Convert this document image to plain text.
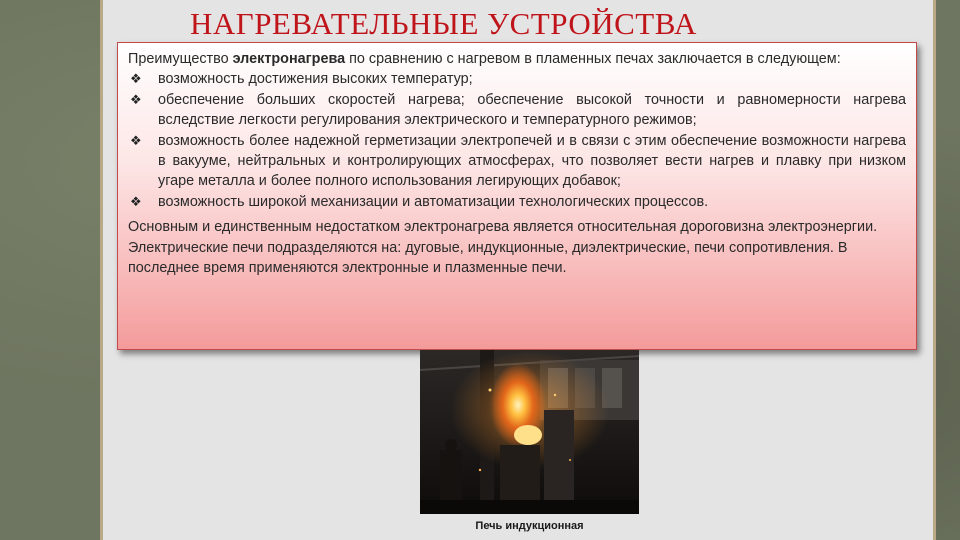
НАГРЕВАТЕЛЬНЫЕ УСТРОЙСТВА

Преимущество электронагрева по сравнению с нагревом в пламенных печах заключается в следующем:

❖ возможность достижения высоких температур;
❖ обеспечение больших скоростей нагрева; обеспечение высокой точности и равномерности нагрева вследствие легкости регулирования электрического и температурного режимов;
❖ возможность более надежной герметизации электропечей и в связи с этим обеспечение возможности нагрева в вакууме, нейтральных и контролирующих атмосферах, что позволяет вести нагрев и плавку при низком угаре металла и более полного использования легирующих добавок;
❖ возможность широкой механизации и автоматизации технологических процессов.

Основным и единственным недостатком электронагрева является относительная дороговизна электроэнергии.

Электрические печи подразделяются на: дуговые, индукционные, диэлектрические, печи сопротивления. В последнее время применяются электронные и плазменные печи.

Печь индукционная
